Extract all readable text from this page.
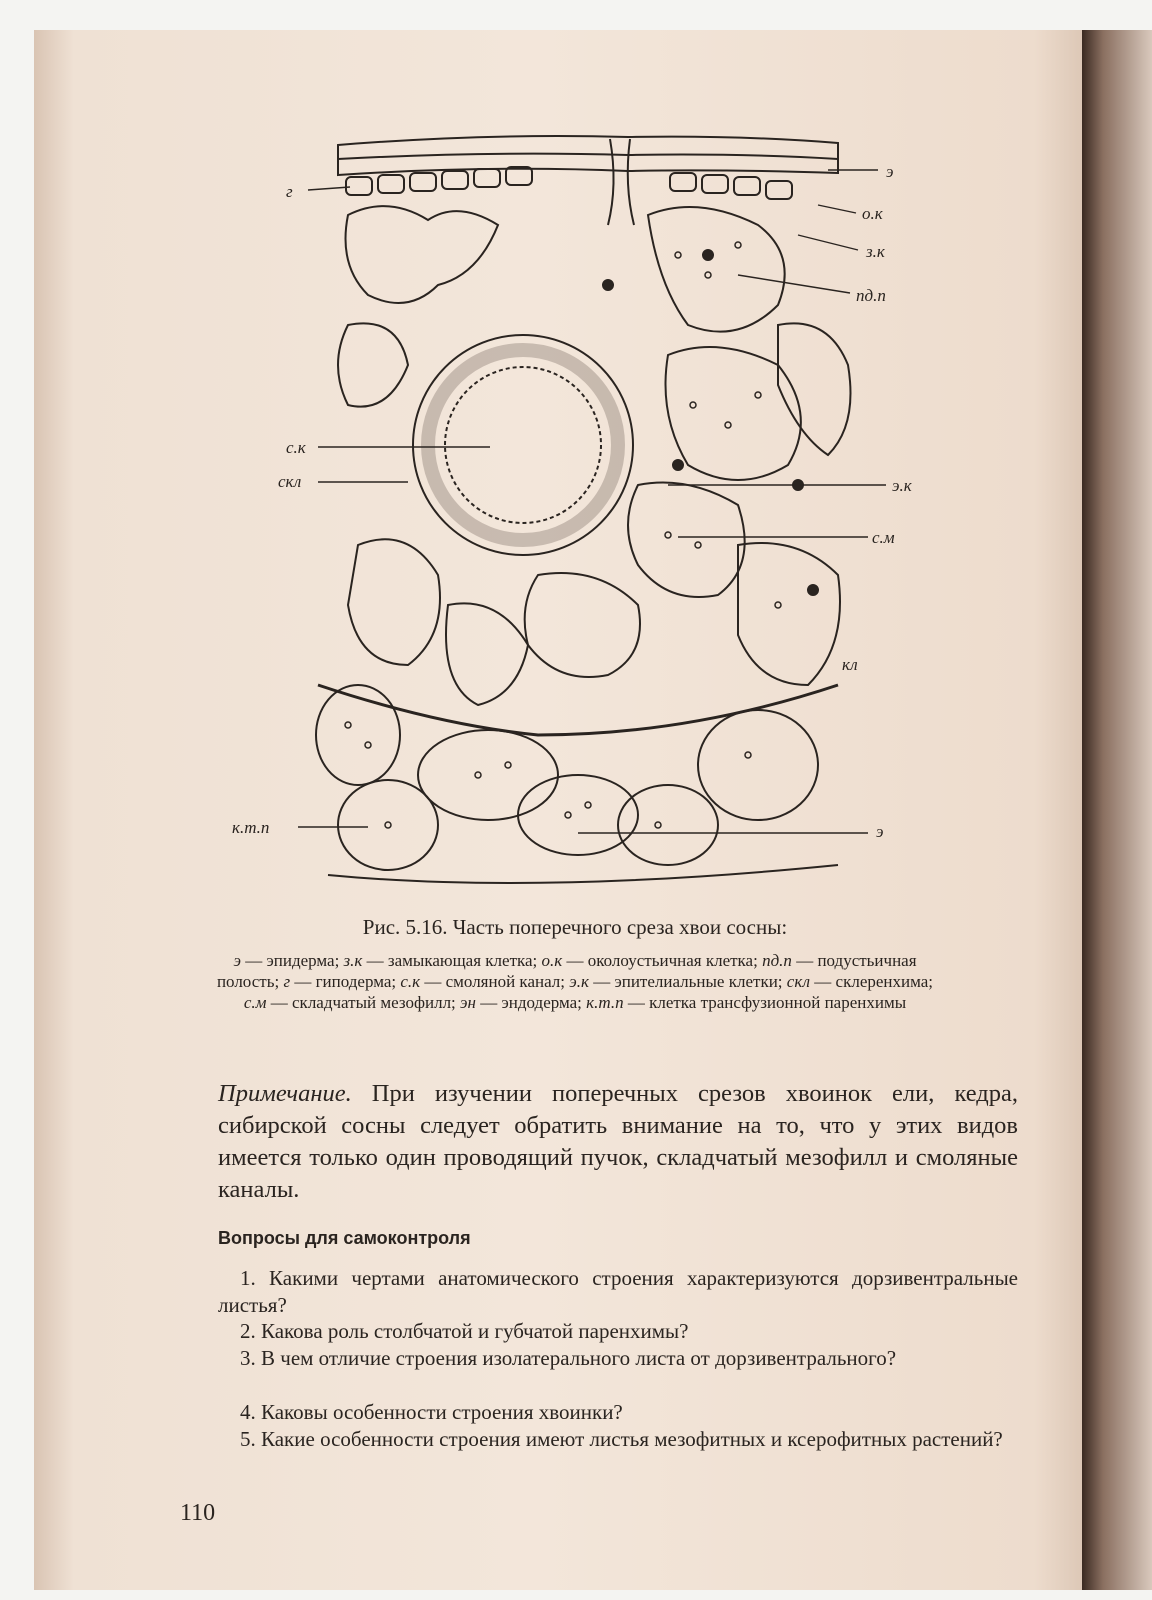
г
э
о.к
з.к
пд.п
с.к
скл	э.к
с.м
кл
к.т.п	э
Рис. 5.16. Часть поперечного среза хвои сосны:
э — эпидерма; з.к — замыкающая клетка; о.к — околоустьичная клетка; пд.п — подустьичная полость; г — гиподерма; с.к — смоляной канал; э.к — эпителиальные клетки; скл — склеренхима; с.м — складчатый мезофилл; эн — эндодерма; к.т.п — клетка трансфузионной паренхимы
Примечание. При изучении поперечных срезов хвоинок ели, кедра, сибирской сосны следует обратить внимание на то, что у этих видов имеется только один проводящий пучок, складчатый мезофилл и смоляные каналы.
Вопросы для самоконтроля
1. Какими чертами анатомического строения характеризуются дорзивентральные листья?
2. Какова роль столбчатой и губчатой паренхимы?
3. В чем отличие строения изолатерального листа от дорзивентрального?
4. Каковы особенности строения хвоинки?
5. Какие особенности строения имеют листья мезофитных и ксерофитных растений?
110
